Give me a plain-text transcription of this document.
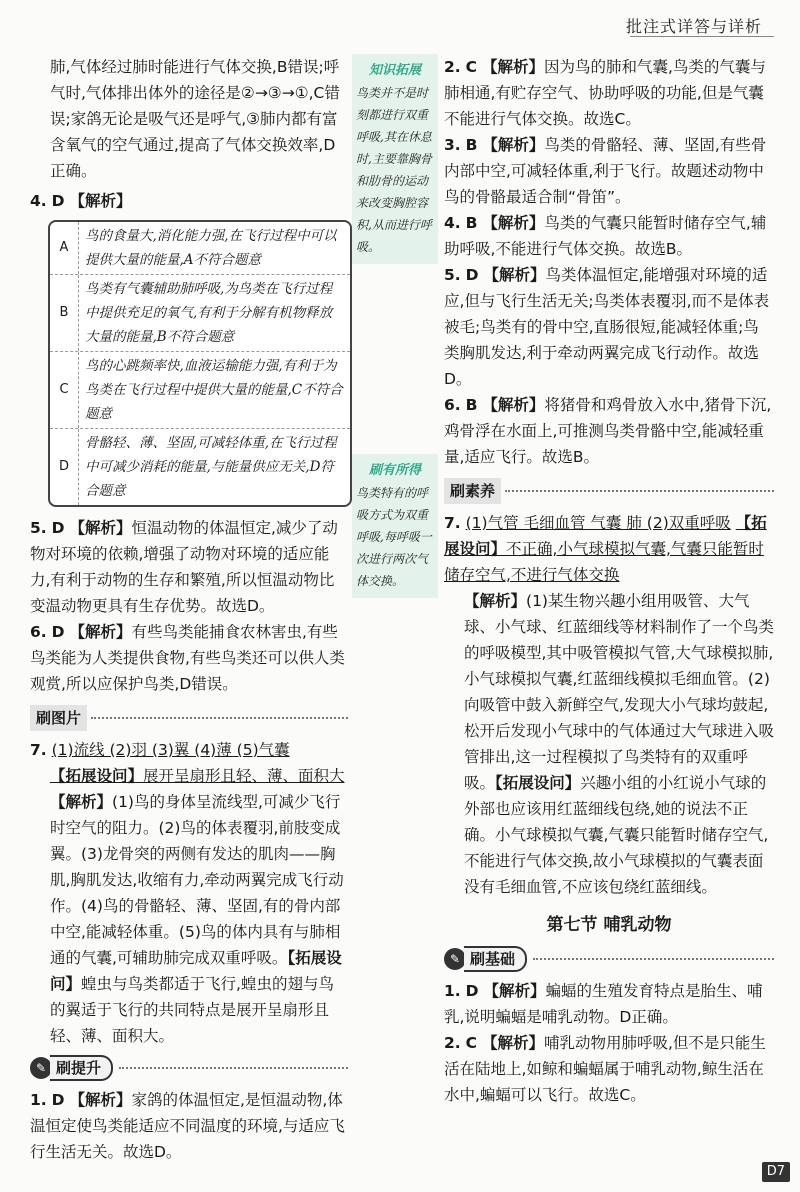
批注式详答与详析

肺,气体经过肺时能进行气体交换,B错误;呼气时,气体排出体外的途径是②→③→①,C错误;家鸽无论是吸气还是呼气,③肺内都有富含氧气的空气通过,提高了气体交换效率,D正确。

4. D 【解析】

A
鸟的食量大,消化能力强,在飞行过程中可以提供大量的能量,A不符合题意
B
鸟类有气囊辅助肺呼吸,为鸟类在飞行过程中提供充足的氧气,有利于分解有机物释放大量的能量,B不符合题意
C
鸟的心跳频率快,血液运输能力强,有利于为鸟类在飞行过程中提供大量的能量,C不符合题意
D
骨骼轻、薄、坚固,可减轻体重,在飞行过程中可减少消耗的能量,与能量供应无关,D符合题意

5. D 【解析】恒温动物的体温恒定,减少了动物对环境的依赖,增强了动物对环境的适应能力,有利于动物的生存和繁殖,所以恒温动物比变温动物更具有生存优势。故选D。

6. D 【解析】有些鸟类能捕食农林害虫,有些鸟类能为人类提供食物,有些鸟类还可以供人类观赏,所以应保护鸟类,D错误。

刷图片

7. (1)流线 (2)羽 (3)翼 (4)薄 (5)气囊

【拓展设问】展开呈扇形且轻、薄、面积大

【解析】(1)鸟的身体呈流线型,可减少飞行时空气的阻力。(2)鸟的体表覆羽,前肢变成翼。(3)龙骨突的两侧有发达的肌肉——胸肌,胸肌发达,收缩有力,牵动两翼完成飞行动作。(4)鸟的骨骼轻、薄、坚固,有的骨内部中空,能减轻体重。(5)鸟的体内具有与肺相通的气囊,可辅助肺完成双重呼吸。【拓展设问】蝗虫与鸟类都适于飞行,蝗虫的翅与鸟的翼适于飞行的共同特点是展开呈扇形且轻、薄、面积大。

✎ 刷提升

1. D 【解析】家鸽的体温恒定,是恒温动物,体温恒定使鸟类能适应不同温度的环境,与适应飞行生活无关。故选D。

知识拓展
鸟类并不是时刻都进行双重呼吸,其在休息时,主要靠胸骨和肋骨的运动来改变胸腔容积,从而进行呼吸。
刷有所得
鸟类特有的呼吸方式为双重呼吸,每呼吸一次进行两次气体交换。

2. C 【解析】因为鸟的肺和气囊,鸟类的气囊与肺相通,有贮存空气、协助呼吸的功能,但是气囊不能进行气体交换。故选C。

3. B 【解析】鸟类的骨骼轻、薄、坚固,有些骨内部中空,可减轻体重,利于飞行。故题述动物中鸟的骨骼最适合制“骨笛”。

4. B 【解析】鸟类的气囊只能暂时储存空气,辅助呼吸,不能进行气体交换。故选B。

5. D 【解析】鸟类体温恒定,能增强对环境的适应,但与飞行生活无关;鸟类体表覆羽,而不是体表被毛;鸟类有的骨中空,直肠很短,能减轻体重;鸟类胸肌发达,利于牵动两翼完成飞行动作。故选D。

6. B 【解析】将猪骨和鸡骨放入水中,猪骨下沉,鸡骨浮在水面上,可推测鸟类骨骼中空,能减轻重量,适应飞行。故选B。

刷素养

7. (1)气管 毛细血管 气囊 肺 (2)双重呼吸 【拓展设问】不正确,小气球模拟气囊,气囊只能暂时储存空气,不进行气体交换

【解析】(1)某生物兴趣小组用吸管、大气球、小气球、红蓝细线等材料制作了一个鸟类的呼吸模型,其中吸管模拟气管,大气球模拟肺,小气球模拟气囊,红蓝细线模拟毛细血管。(2)向吸管中鼓入新鲜空气,发现大小气球均鼓起,松开后发现小气球中的气体通过大气球进入吸管排出,这一过程模拟了鸟类特有的双重呼吸。【拓展设问】兴趣小组的小红说小气球的外部也应该用红蓝细线包绕,她的说法不正确。小气球模拟气囊,气囊只能暂时储存空气,不能进行气体交换,故小气球模拟的气囊表面没有毛细血管,不应该包绕红蓝细线。

第七节 哺乳动物
✎ 刷基础

1. D 【解析】蝙蝠的生殖发育特点是胎生、哺乳,说明蝙蝠是哺乳动物。D正确。

2. C 【解析】哺乳动物用肺呼吸,但不是只能生活在陆地上,如鲸和蝙蝠属于哺乳动物,鲸生活在水中,蝙蝠可以飞行。故选C。

D7
